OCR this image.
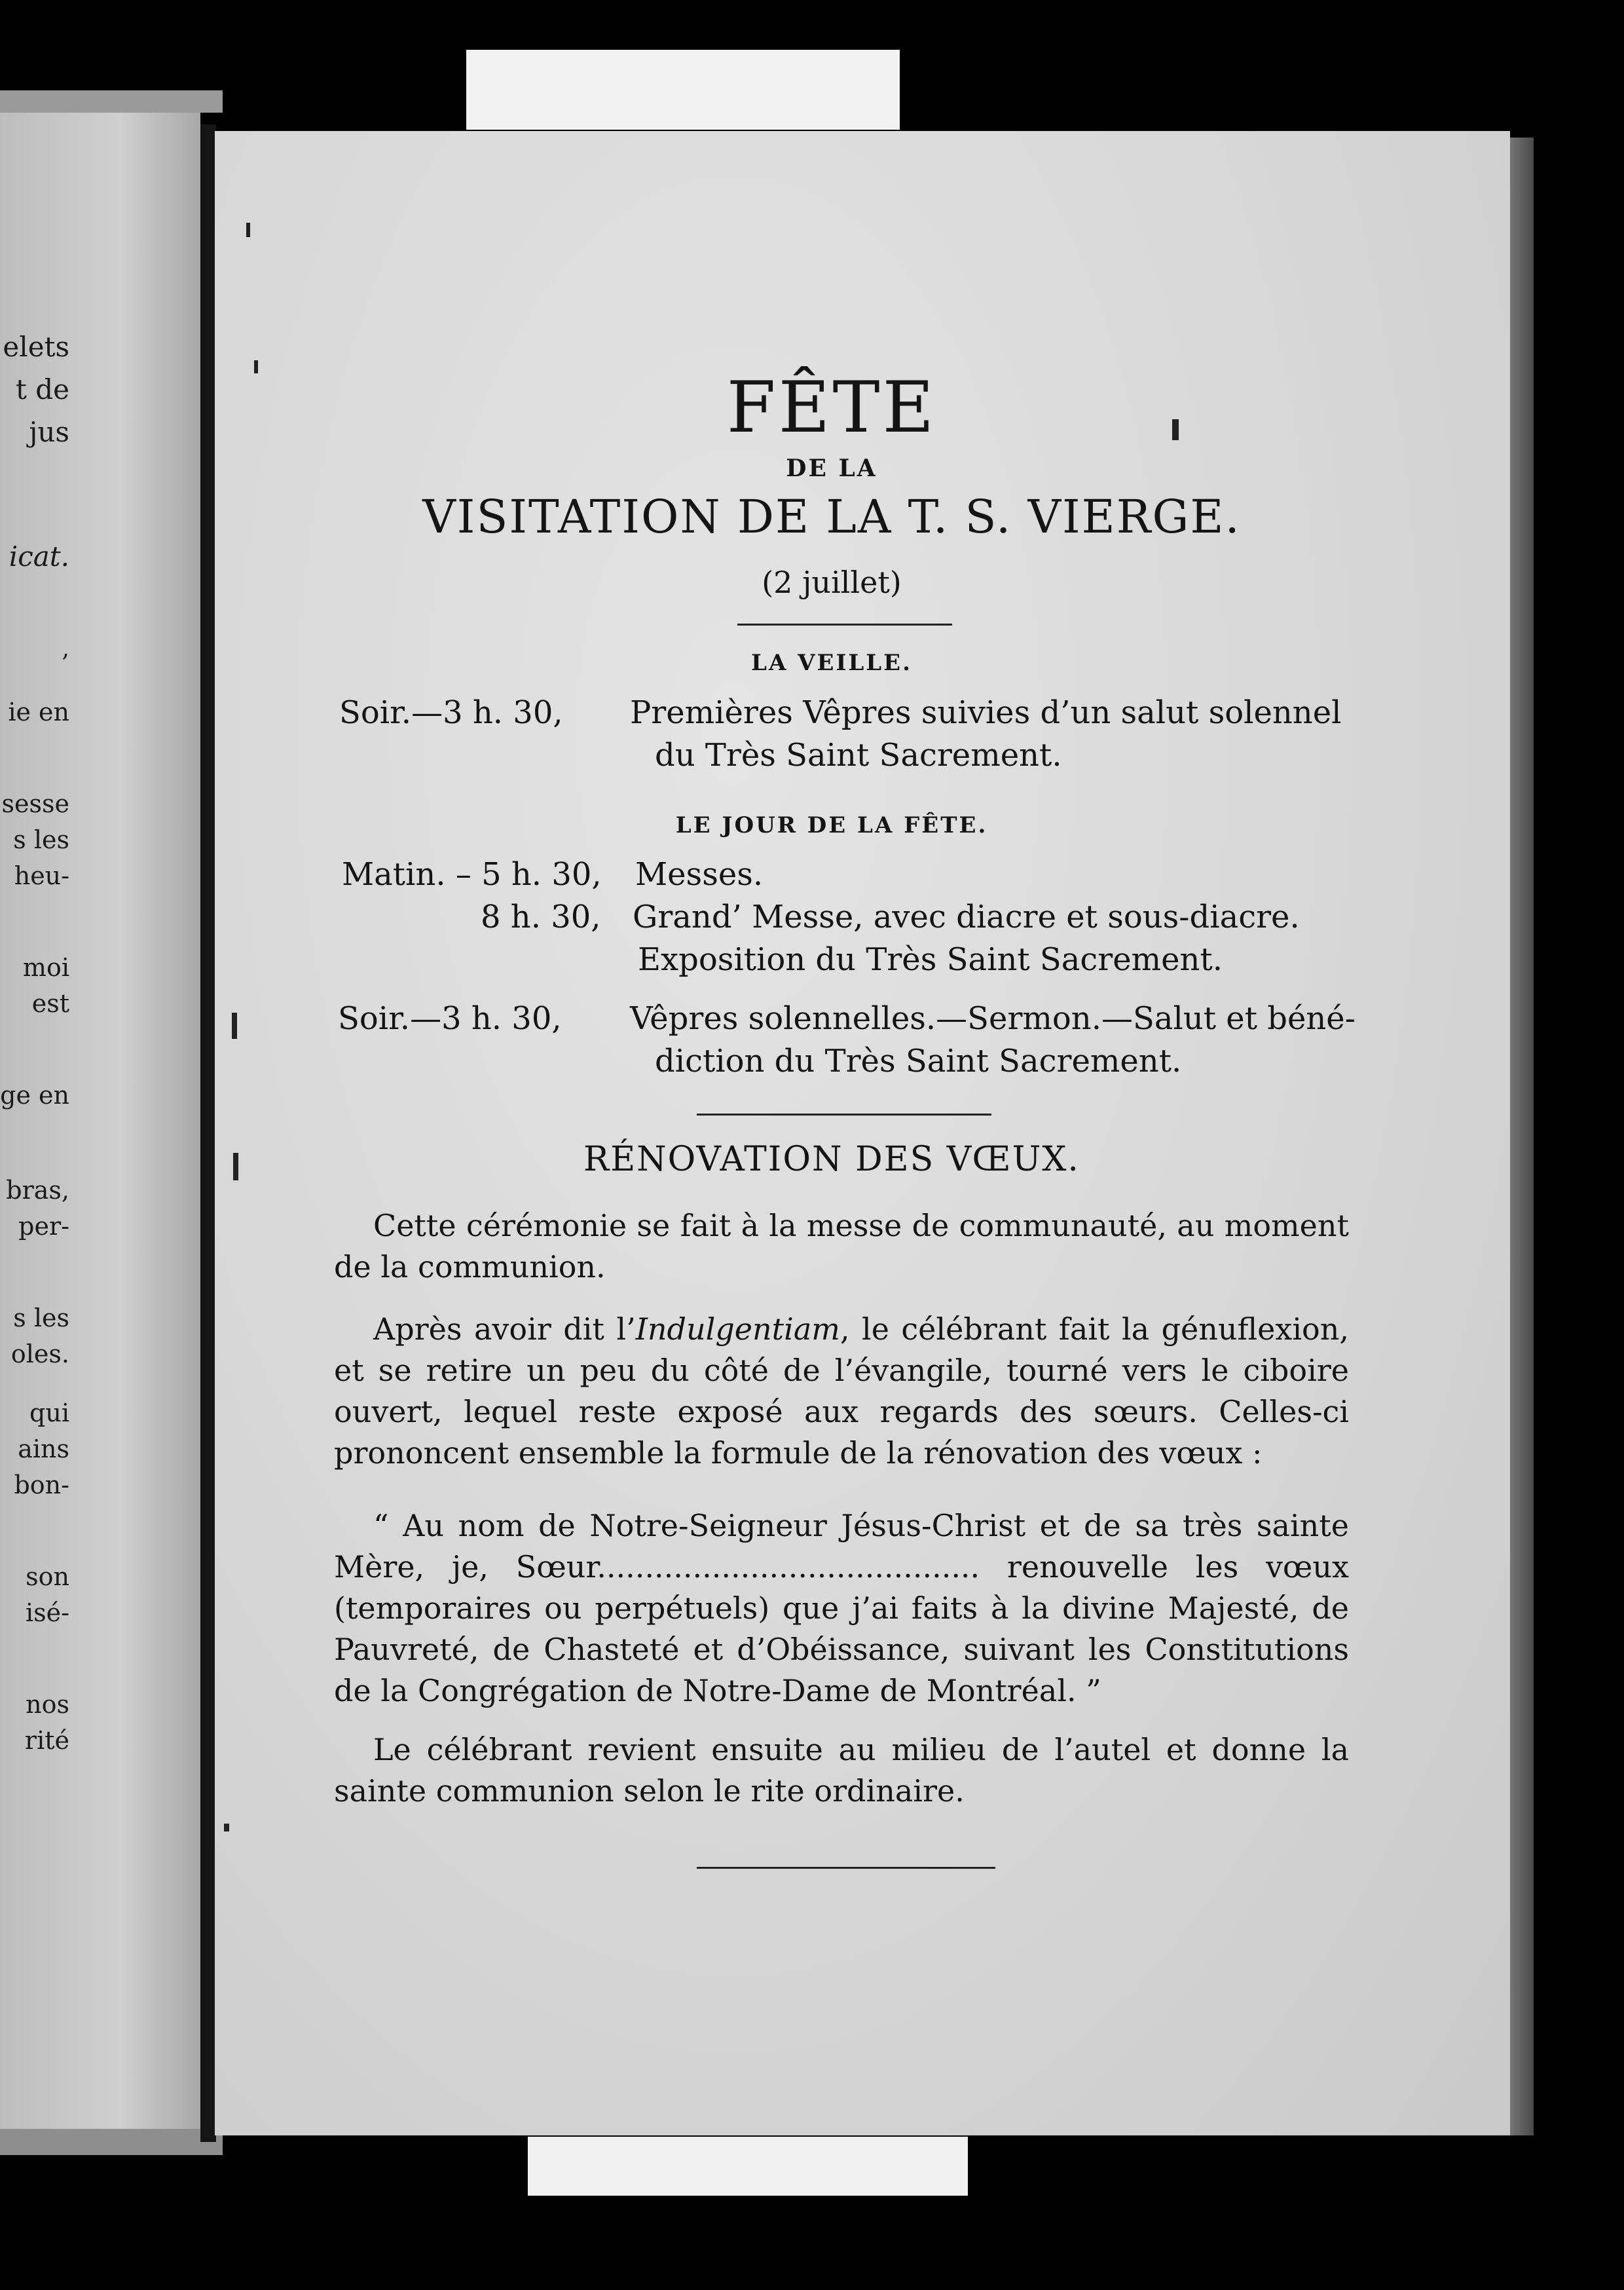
elets
t de
jus
icat.
,
ie en
sesse
s les
heu-
moi
est
ge en
bras,
per-
s les
oles.
qui
ains
bon-
son
isé-
nos
rité
FÊTE
DE LA
VISITATION DE LA T. S. VIERGE.
(2 juillet)
LA VEILLE.
Soir.—3 h. 30, Premières Vêpres suivies d’un salut solennel
du Très Saint Sacrement.
LE JOUR DE LA FÊTE.
Matin. – 5 h. 30, Messes.
8 h. 30, Grand’ Messe, avec diacre et sous-diacre.
Exposition du Très Saint Sacrement.
Soir.—3 h. 30, Vêpres solennelles.—Sermon.—Salut et béné-
diction du Très Saint Sacrement.
RÉNOVATION DES VŒUX.
Cette cérémonie se fait à la messe de communauté, au moment de la communion.
Après avoir dit l’Indulgentiam, le célébrant fait la génuflexion, et se retire un peu du côté de l’évangile, tourné vers le ciboire ouvert, lequel reste exposé aux regards des sœurs. Celles-ci prononcent ensemble la formule de la rénovation des vœux :
“ Au nom de Notre-Seigneur Jésus-Christ et de sa très sainte Mère, je, Sœur........................................ renouvelle les vœux (temporaires ou perpétuels) que j’ai faits à la divine Majesté, de Pauvreté, de Chasteté et d’Obéissance, suivant les Constitutions de la Congrégation de Notre-Dame de Montréal. ”
Le célébrant revient ensuite au milieu de l’autel et donne la sainte communion selon le rite ordinaire.
